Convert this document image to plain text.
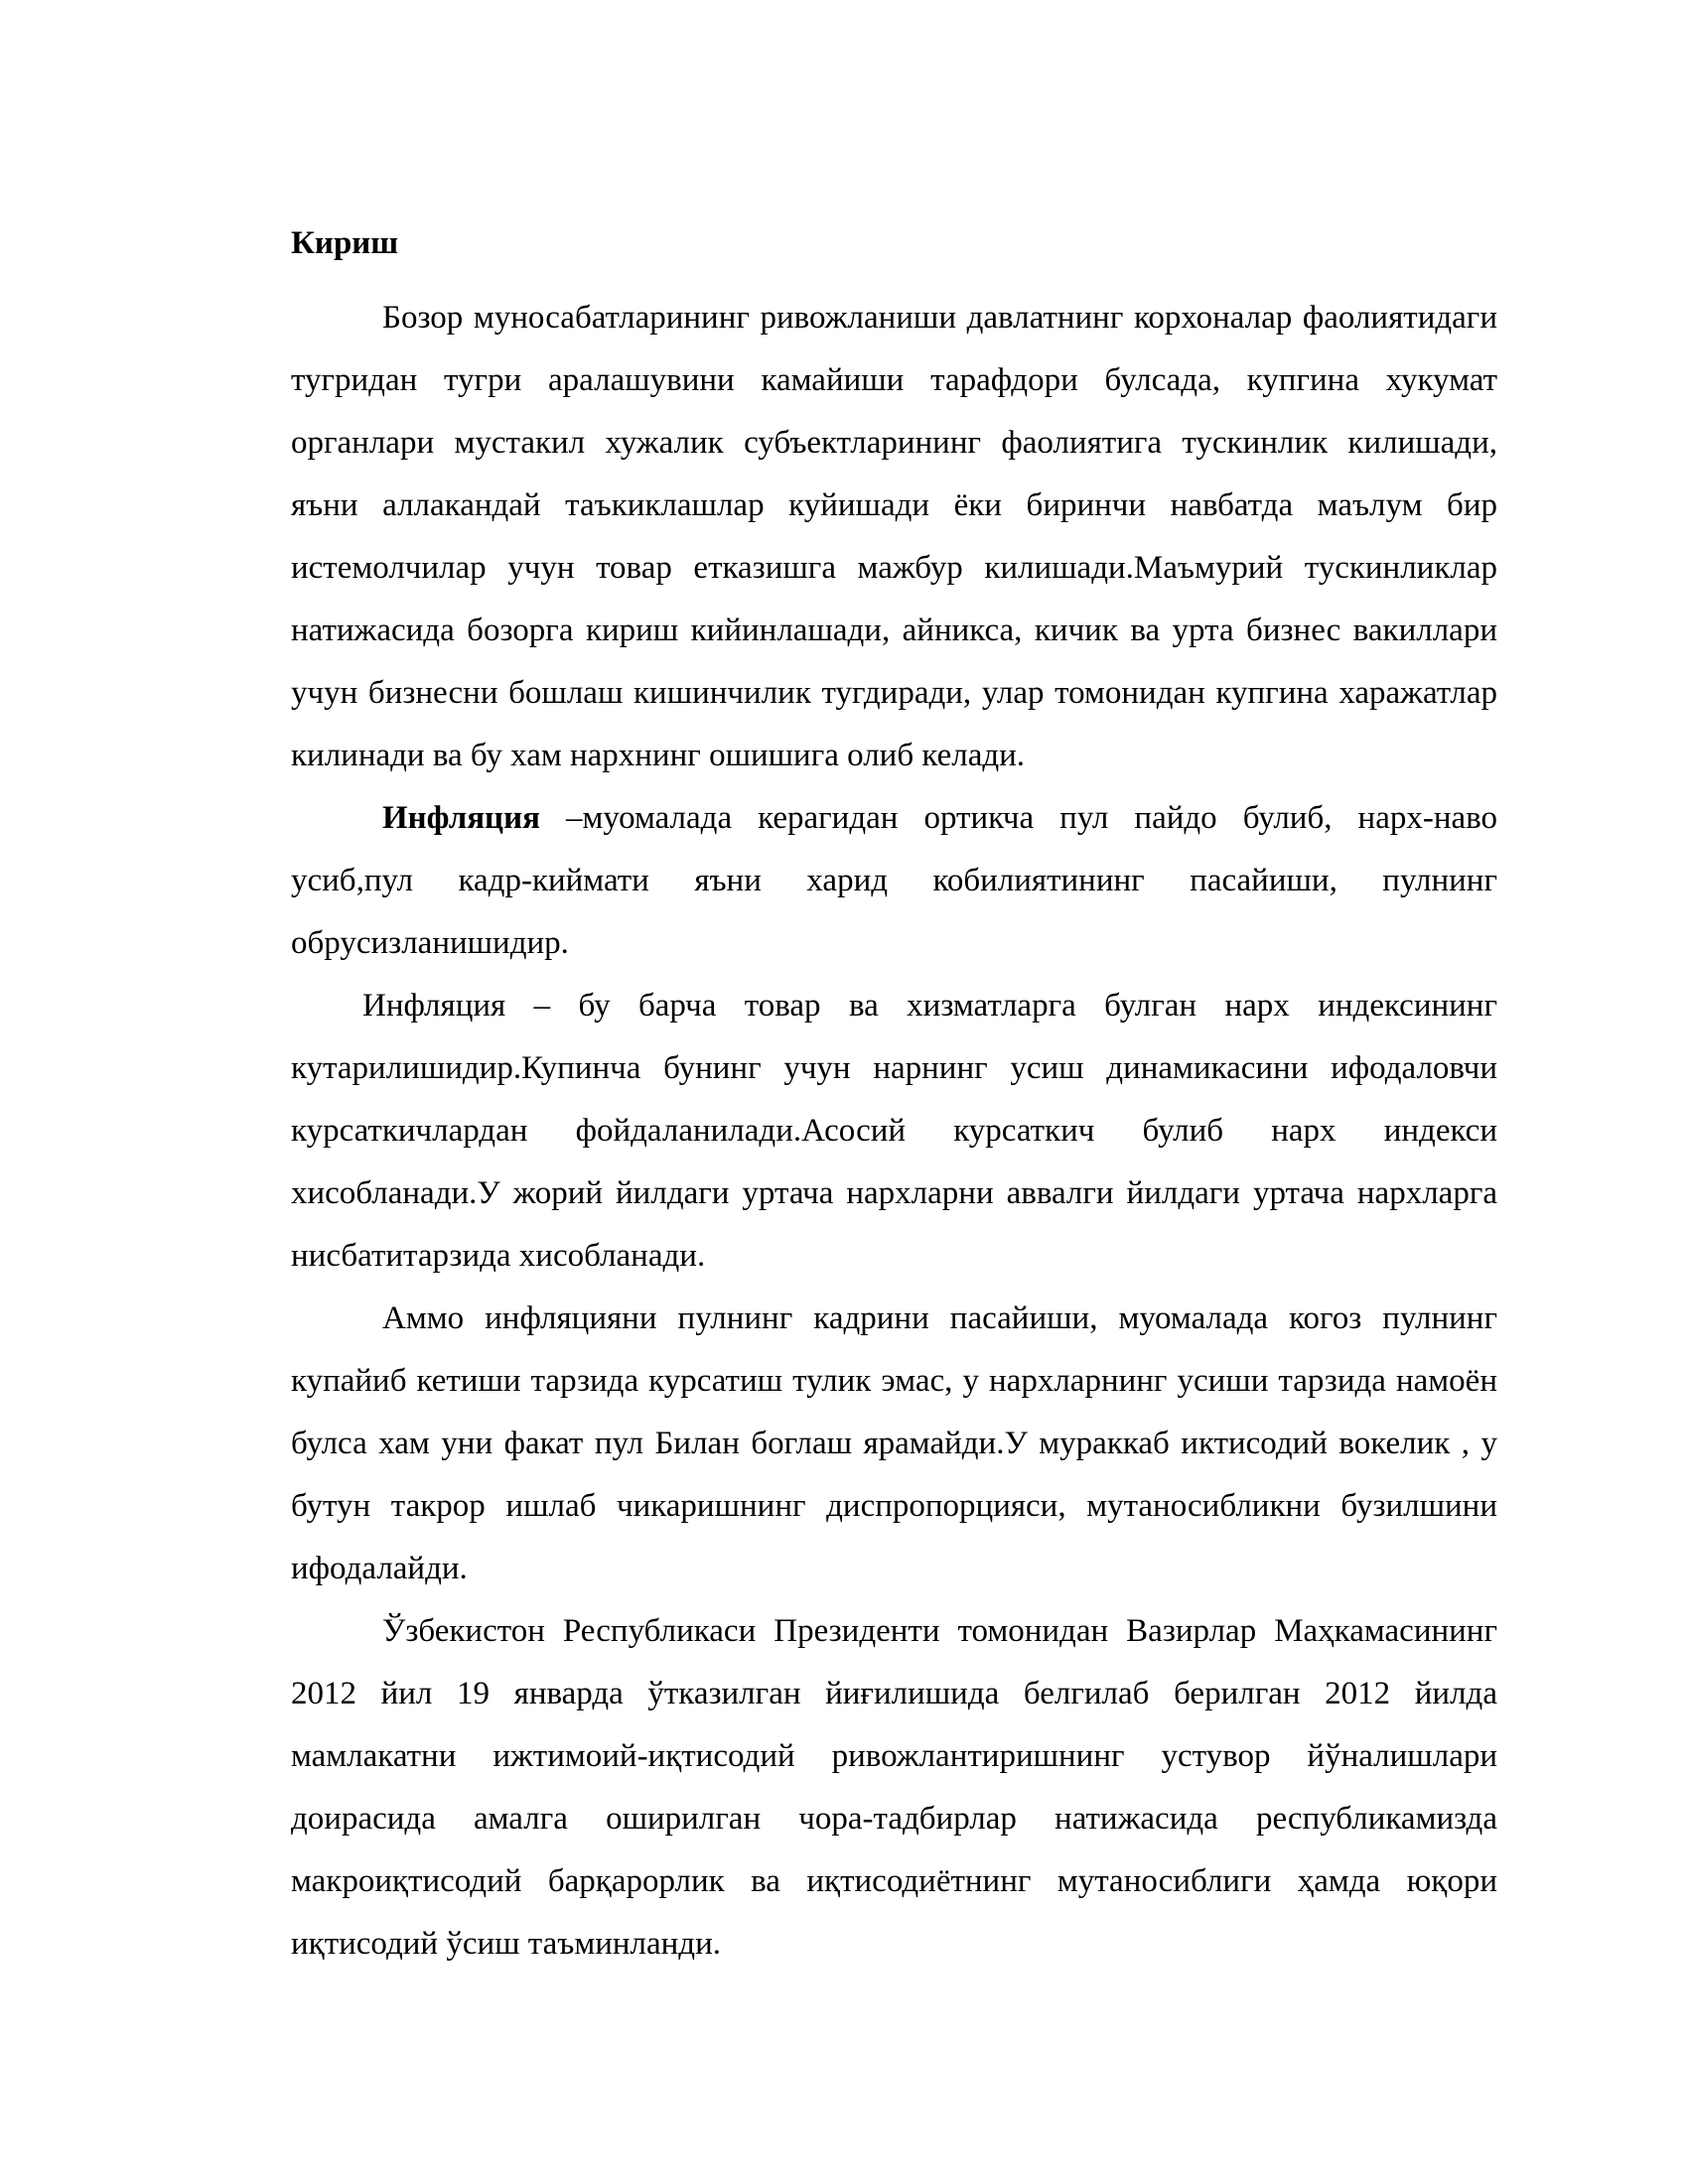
Кириш

Бозор муносабатларининг ривожланиши давлатнинг корхоналар фаолиятидаги тугридан тугри аралашувини камайиши тарафдори булсада, купгина хукумат органлари мустакил хужалик субъектларининг фаолиятига тускинлик килишади, яъни аллакандай таъкиклашлар куйишади ёки биринчи навбатда маълум бир истемолчилар учун товар етказишга мажбур килишади.Маъмурий тускинликлар натижасида бозорга кириш кийинлашади, айникса, кичик ва урта бизнес вакиллари учун бизнесни бошлаш кишинчилик тугдиради, улар томонидан купгина харажатлар килинади ва бу хам нархнинг ошишига олиб келади.

Инфляция –муомалада керагидан ортикча пул пайдо булиб, нарх-наво усиб,пул кадр-киймати яъни харид кобилиятининг пасайиши, пулнинг обрусизланишидир.

Инфляция – бу барча товар ва хизматларга булган нарх индексининг кутарилишидир.Купинча бунинг учун нарнинг усиш динамикасини ифодаловчи курсаткичлардан фойдаланилади.Асосий курсаткич булиб нарх индекси хисобланади.У жорий йилдаги уртача нархларни аввалги йилдаги уртача нархларга нисбатитарзида хисобланади.

Аммо инфляцияни пулнинг кадрини пасайиши, муомалада когоз пулнинг купайиб кетиши тарзида курсатиш тулик эмас, у нархларнинг усиши тарзида намоён булса хам уни факат пул Билан боглаш ярамайди.У мураккаб иктисодий вокелик , у бутун такрор ишлаб чикаришнинг диспропорцияси, мутаносибликни бузилшини ифодалайди.

Ўзбекистон Республикаси Президенти томонидан Вазирлар Маҳкамасининг 2012 йил 19 январда ўтказилган йиғилишида белгилаб берилган 2012 йилда мамлакатни ижтимоий-иқтисодий ривожлантиришнинг устувор йўналишлари доирасида амалга оширилган чора-тадбирлар натижасида республикамизда макроиқтисодий барқарорлик ва иқтисодиётнинг мутаносиблиги ҳамда юқори иқтисодий ўсиш таъминланди.
